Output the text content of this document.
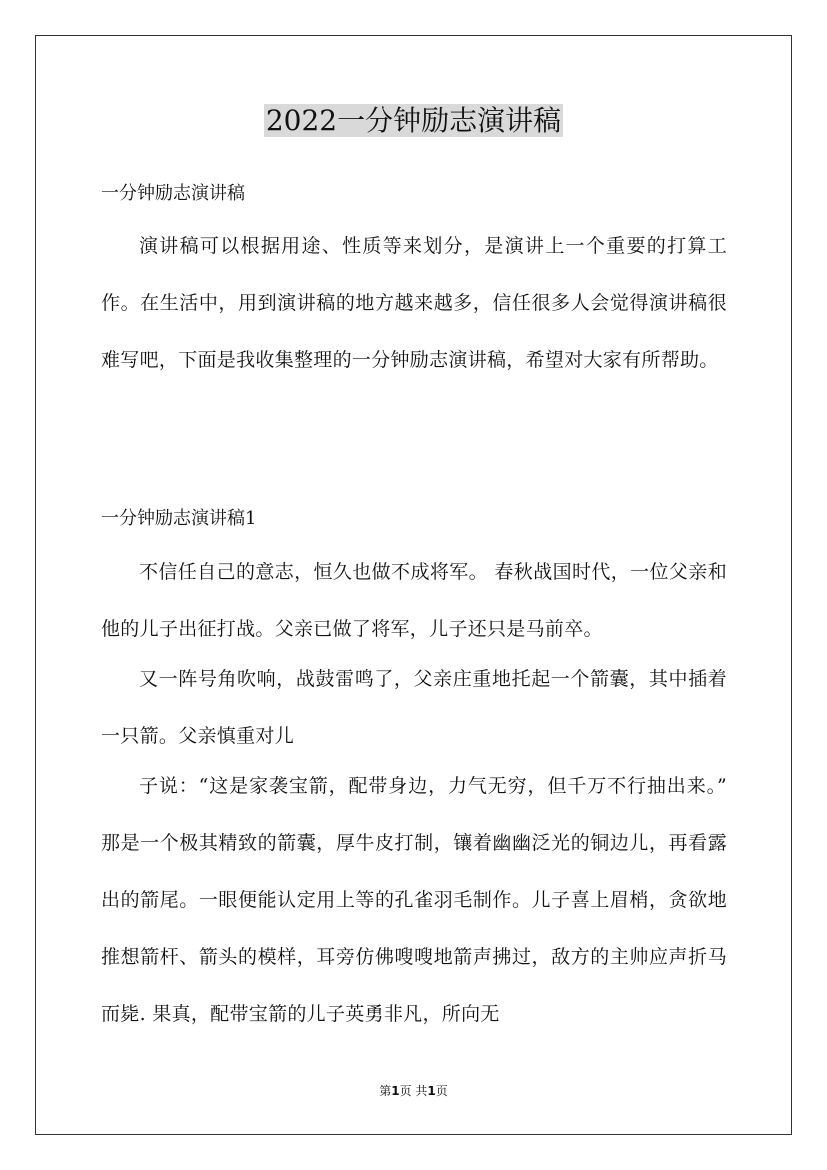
2022一分钟励志演讲稿
一分钟励志演讲稿
演讲稿可以根据用途、性质等来划分，是演讲上一个重要的打算工作。在生活中，用到演讲稿的地方越来越多，信任很多人会觉得演讲稿很难写吧，下面是我收集整理的一分钟励志演讲稿，希望对大家有所帮助。
一分钟励志演讲稿1
不信任自己的意志，恒久也做不成将军。 春秋战国时代，一位父亲和他的儿子出征打战。父亲已做了将军，儿子还只是马前卒。
又一阵号角吹响，战鼓雷鸣了，父亲庄重地托起一个箭囊，其中插着一只箭。父亲慎重对儿
子说：“这是家袭宝箭，配带身边，力气无穷，但千万不行抽出来。” 那是一个极其精致的箭囊，厚牛皮打制，镶着幽幽泛光的铜边儿，再看露出的箭尾。一眼便能认定用上等的孔雀羽毛制作。儿子喜上眉梢，贪欲地推想箭杆、箭头的模样，耳旁仿佛嗖嗖地箭声拂过，敌方的主帅应声折马而毙. 果真，配带宝箭的儿子英勇非凡，所向无
第1页 共1页
